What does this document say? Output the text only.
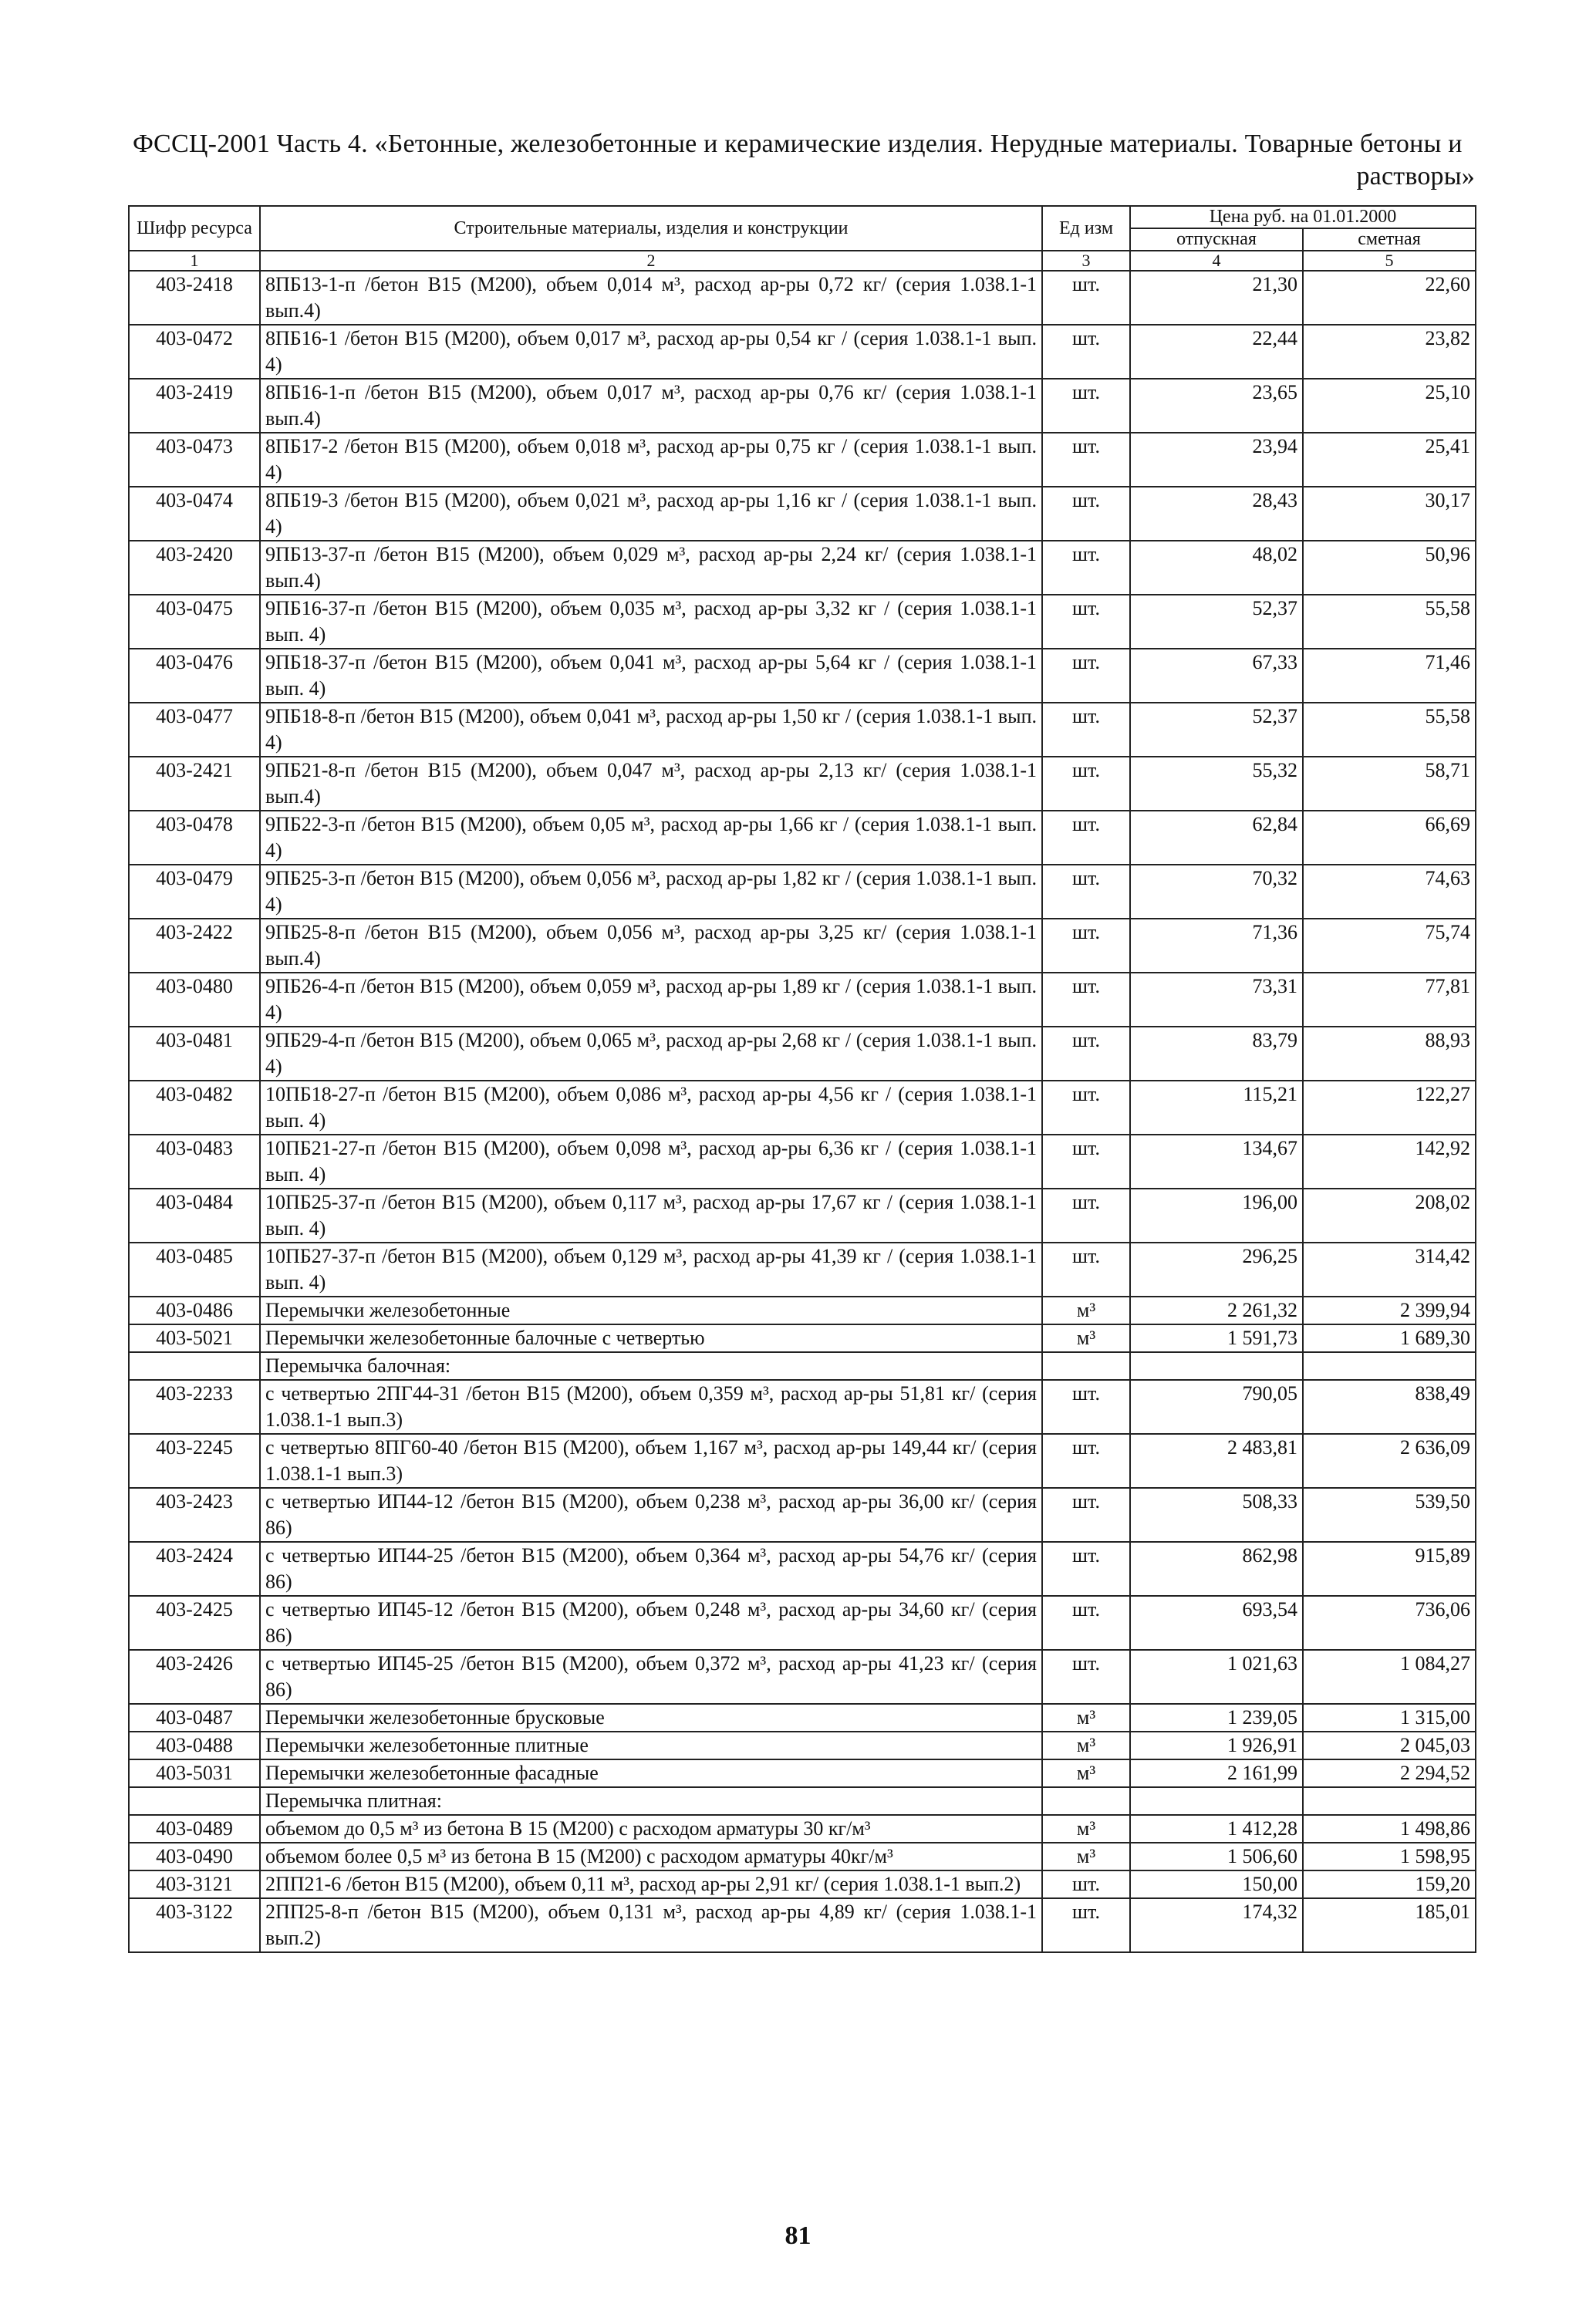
ФССЦ-2001 Часть 4. «Бетонные, железобетонные и керамические изделия. Нерудные материалы. Товарные бетоны и
растворы»
Шифр ресурса	Строительные материалы, изделия и конструкции	Ед изм	Цена руб. на 01.01.2000	
			отпускная	сметная
1	2	3	4	5
403-2418	8ПБ13-1-п /бетон В15 (М200), объем 0,014 м³, расход ар-ры 0,72 кг/ (серия 1.038.1-1 вып.4)	шт.	21,30	22,60
403-0472	8ПБ16-1 /бетон В15 (М200), объем 0,017 м³, расход ар-ры 0,54 кг / (серия 1.038.1-1 вып. 4)	шт.	22,44	23,82
403-2419	8ПБ16-1-п /бетон В15 (М200), объем 0,017 м³, расход ар-ры 0,76 кг/ (серия 1.038.1-1 вып.4)	шт.	23,65	25,10
403-0473	8ПБ17-2 /бетон В15 (М200), объем 0,018 м³, расход ар-ры 0,75 кг / (серия 1.038.1-1 вып. 4)	шт.	23,94	25,41
403-0474	8ПБ19-3 /бетон В15 (М200), объем 0,021 м³, расход ар-ры 1,16 кг / (серия 1.038.1-1 вып. 4)	шт.	28,43	30,17
403-2420	9ПБ13-37-п /бетон В15 (М200), объем 0,029 м³, расход ар-ры 2,24 кг/ (серия 1.038.1-1 вып.4)	шт.	48,02	50,96
403-0475	9ПБ16-37-п /бетон В15 (М200), объем 0,035 м³, расход ар-ры 3,32 кг / (серия 1.038.1-1 вып. 4)	шт.	52,37	55,58
403-0476	9ПБ18-37-п /бетон В15 (М200), объем 0,041 м³, расход ар-ры 5,64 кг / (серия 1.038.1-1 вып. 4)	шт.	67,33	71,46
403-0477	9ПБ18-8-п /бетон В15 (М200), объем 0,041 м³, расход ар-ры 1,50 кг / (серия 1.038.1-1 вып. 4)	шт.	52,37	55,58
403-2421	9ПБ21-8-п /бетон В15 (М200), объем 0,047 м³, расход ар-ры 2,13 кг/ (серия 1.038.1-1 вып.4)	шт.	55,32	58,71
403-0478	9ПБ22-3-п /бетон В15 (М200), объем 0,05 м³, расход ар-ры 1,66 кг / (серия 1.038.1-1 вып. 4)	шт.	62,84	66,69
403-0479	9ПБ25-3-п /бетон В15 (М200), объем 0,056 м³, расход ар-ры 1,82 кг / (серия 1.038.1-1 вып. 4)	шт.	70,32	74,63
403-2422	9ПБ25-8-п /бетон В15 (М200), объем 0,056 м³, расход ар-ры 3,25 кг/ (серия 1.038.1-1 вып.4)	шт.	71,36	75,74
403-0480	9ПБ26-4-п /бетон В15 (М200), объем 0,059 м³, расход ар-ры 1,89 кг / (серия 1.038.1-1 вып. 4)	шт.	73,31	77,81
403-0481	9ПБ29-4-п /бетон В15 (М200), объем 0,065 м³, расход ар-ры 2,68 кг / (серия 1.038.1-1 вып. 4)	шт.	83,79	88,93
403-0482	10ПБ18-27-п /бетон В15 (М200), объем 0,086 м³, расход ар-ры 4,56 кг / (серия 1.038.1-1 вып. 4)	шт.	115,21	122,27
403-0483	10ПБ21-27-п /бетон В15 (М200), объем 0,098 м³, расход ар-ры 6,36 кг / (серия 1.038.1-1 вып. 4)	шт.	134,67	142,92
403-0484	10ПБ25-37-п /бетон В15 (М200), объем 0,117 м³, расход ар-ры 17,67 кг / (серия 1.038.1-1 вып. 4)	шт.	196,00	208,02
403-0485	10ПБ27-37-п /бетон В15 (М200), объем 0,129 м³, расход ар-ры 41,39 кг / (серия 1.038.1-1 вып. 4)	шт.	296,25	314,42
403-0486	Перемычки железобетонные	м³	2 261,32	2 399,94
403-5021	Перемычки железобетонные балочные с четвертью	м³	1 591,73	1 689,30
	Перемычка балочная:			
403-2233	с четвертью 2ПГ44-31 /бетон В15 (М200), объем 0,359 м³, расход ар-ры 51,81 кг/ (серия 1.038.1-1 вып.3)	шт.	790,05	838,49
403-2245	с четвертью 8ПГ60-40 /бетон В15 (М200), объем 1,167 м³, расход ар-ры 149,44 кг/ (серия 1.038.1-1 вып.3)	шт.	2 483,81	2 636,09
403-2423	с четвертью ИП44-12 /бетон В15 (М200), объем 0,238 м³, расход ар-ры 36,00 кг/ (серия 86)	шт.	508,33	539,50
403-2424	с четвертью ИП44-25 /бетон В15 (М200), объем 0,364 м³, расход ар-ры 54,76 кг/ (серия 86)	шт.	862,98	915,89
403-2425	с четвертью ИП45-12 /бетон В15 (М200), объем 0,248 м³, расход ар-ры 34,60 кг/ (серия 86)	шт.	693,54	736,06
403-2426	с четвертью ИП45-25 /бетон В15 (М200), объем 0,372 м³, расход ар-ры 41,23 кг/ (серия 86)	шт.	1 021,63	1 084,27
403-0487	Перемычки железобетонные брусковые	м³	1 239,05	1 315,00
403-0488	Перемычки железобетонные плитные	м³	1 926,91	2 045,03
403-5031	Перемычки железобетонные фасадные	м³	2 161,99	2 294,52
	Перемычка плитная:			
403-0489	объемом до 0,5 м³ из бетона В 15 (М200) с расходом арматуры 30 кг/м³	м³	1 412,28	1 498,86
403-0490	объемом более 0,5 м³ из бетона В 15 (М200) с расходом арматуры 40кг/м³	м³	1 506,60	1 598,95
403-3121	2ПП21-6 /бетон В15 (М200), объем 0,11 м³, расход ар-ры 2,91 кг/ (серия 1.038.1-1 вып.2)	шт.	150,00	159,20
403-3122	2ПП25-8-п /бетон В15 (М200), объем 0,131 м³, расход ар-ры 4,89 кг/ (серия 1.038.1-1 вып.2)	шт.	174,32	185,01
81
